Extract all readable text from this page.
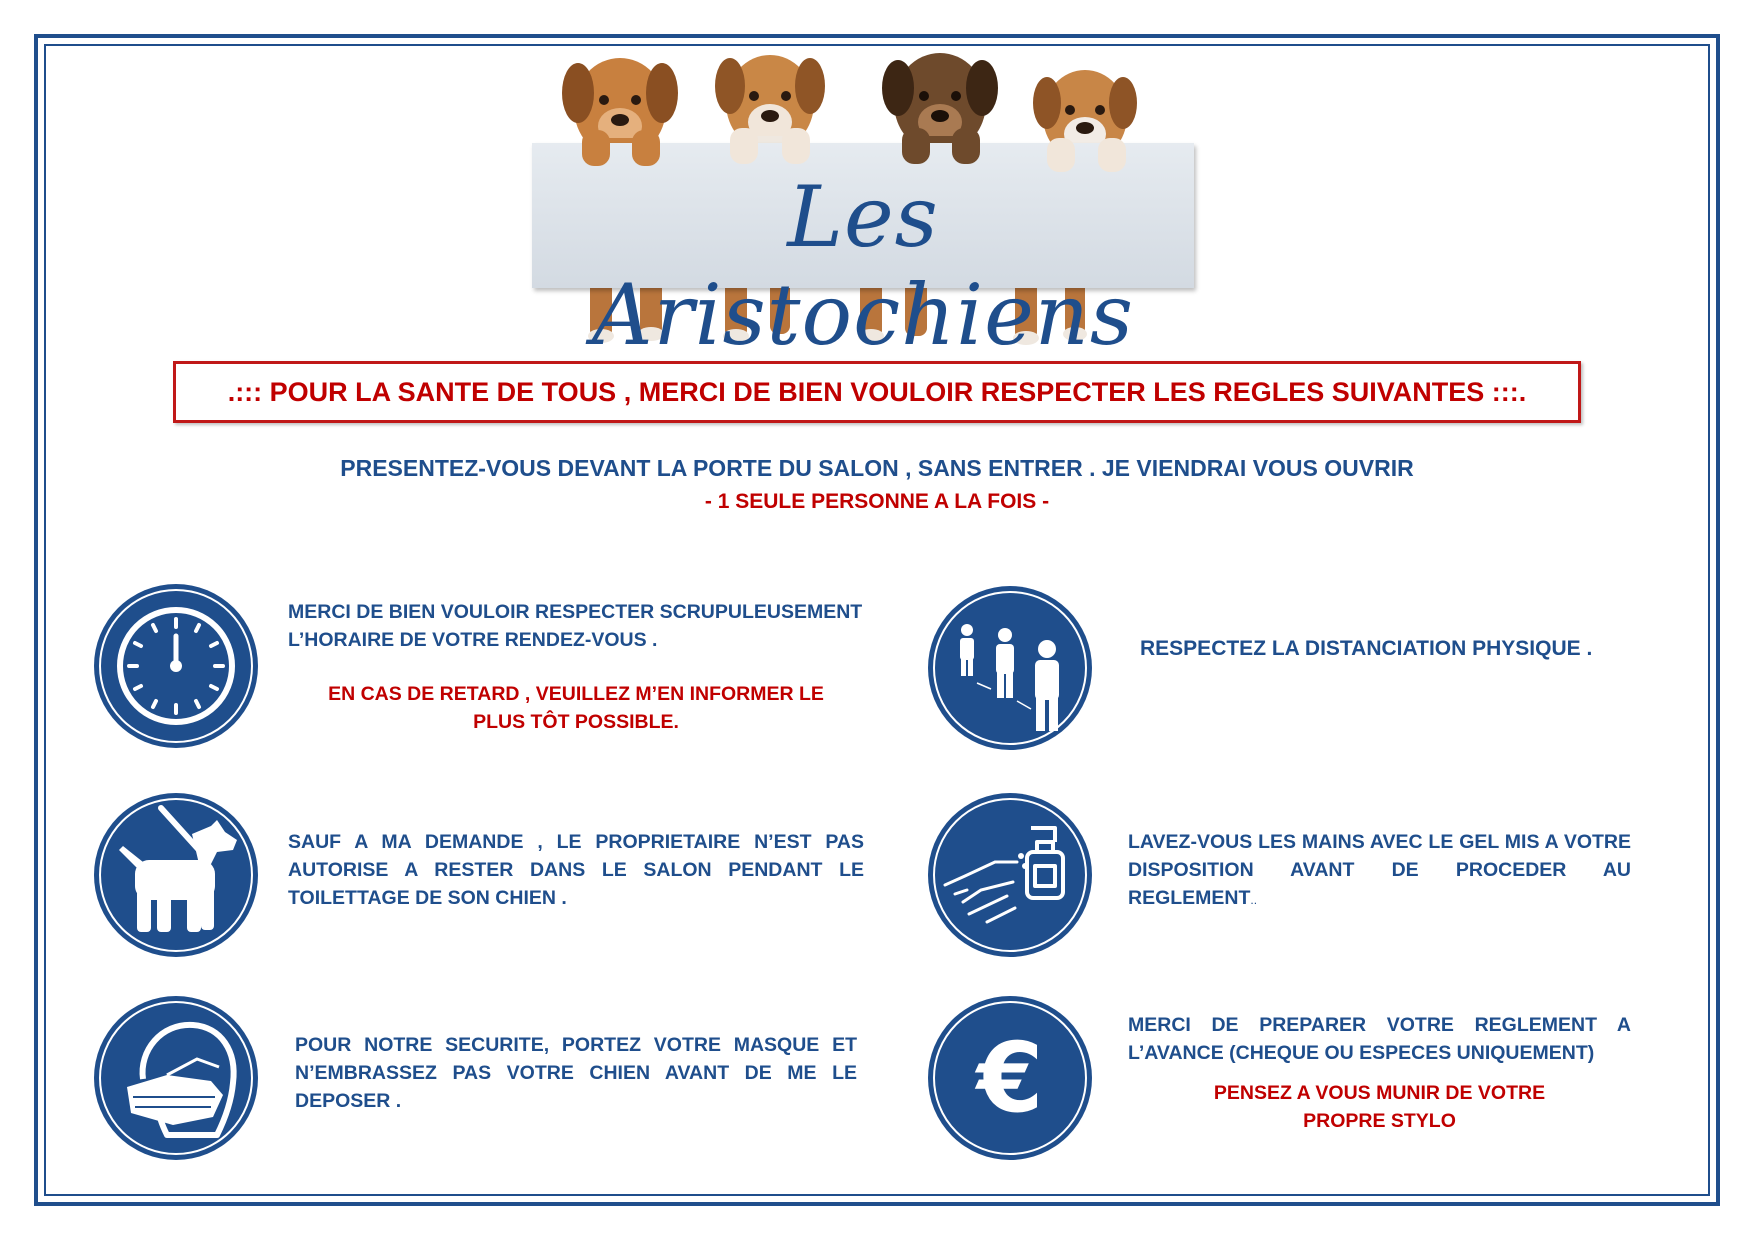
Les Aristochiens
.::: POUR LA SANTE DE TOUS , MERCI DE BIEN VOULOIR RESPECTER LES REGLES SUIVANTES :::.
PRESENTEZ-VOUS DEVANT LA PORTE DU SALON , SANS ENTRER . JE VIENDRAI VOUS OUVRIR
- 1 SEULE PERSONNE A LA FOIS -
MERCI DE BIEN VOULOIR RESPECTER SCRUPULEUSEMENT
L’HORAIRE DE VOTRE RENDEZ-VOUS .
EN CAS DE RETARD , VEUILLEZ M’EN INFORMER LE
PLUS TÔT POSSIBLE.
RESPECTEZ LA DISTANCIATION PHYSIQUE .
SAUF A MA DEMANDE , LE PROPRIETAIRE N’EST PAS AUTORISE A RESTER DANS LE SALON PENDANT LE TOILETTAGE DE SON CHIEN .
LAVEZ-VOUS LES MAINS AVEC LE GEL MIS A VOTRE DISPOSITION AVANT DE PROCEDER AU REGLEMENT..
POUR NOTRE SECURITE, PORTEZ VOTRE MASQUE ET N’EMBRASSEZ PAS VOTRE CHIEN AVANT DE ME LE DEPOSER .	€	MERCI DE PREPARER VOTRE REGLEMENT A L’AVANCE (CHEQUE OU ESPECES UNIQUEMENT)
PENSEZ A VOUS MUNIR DE VOTRE
PROPRE STYLO
